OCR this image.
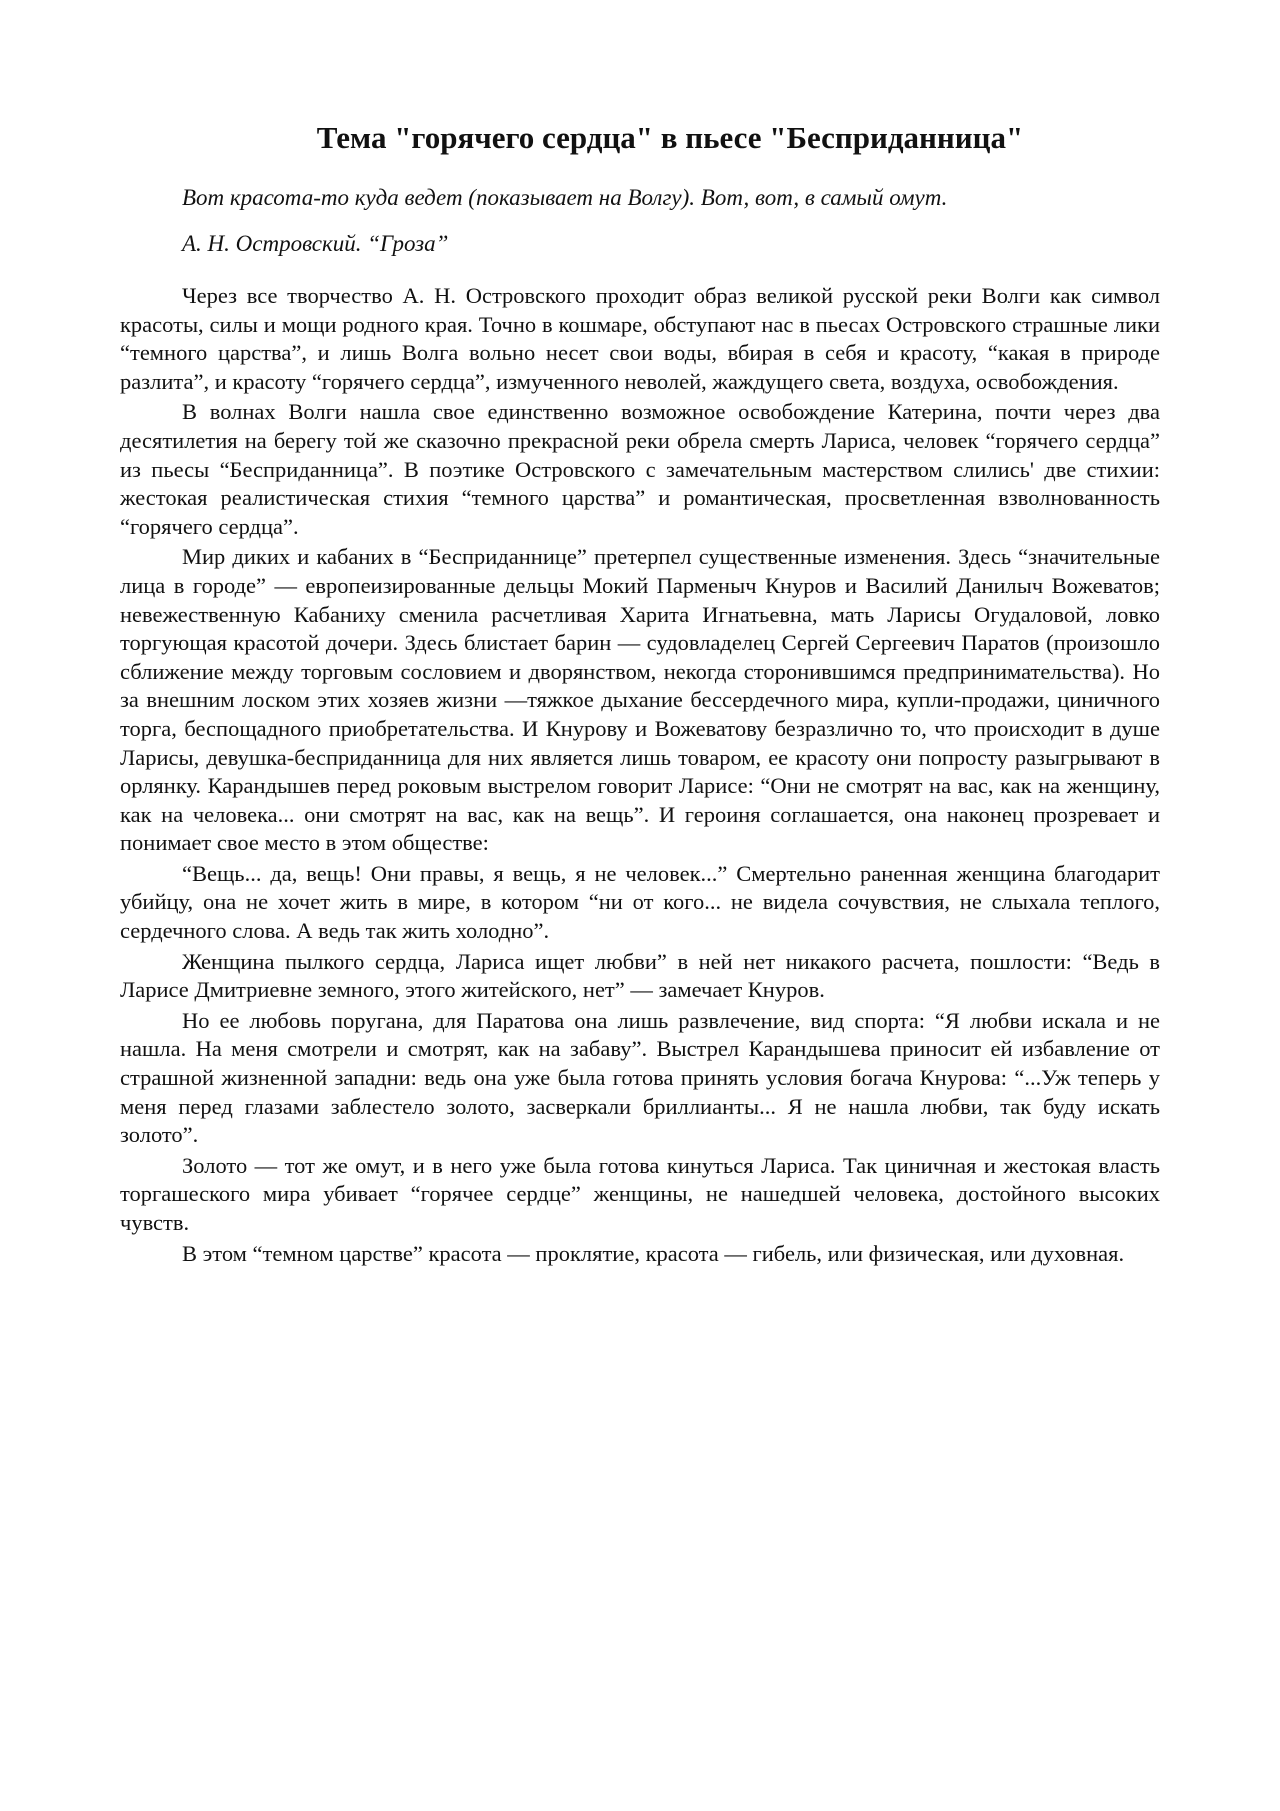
Тема "горячего сердца" в пьесе "Бесприданница"

Вот красота-то куда ведет (показывает на Волгу). Вот, вот, в самый омут.

А. Н. Островский. “Гроза”

Через все творчество А. Н. Островского проходит образ великой русской реки Волги как символ красоты, силы и мощи родного края. Точно в кошмаре, обступают нас в пьесах Островского страшные лики “темного царства”, и лишь Волга вольно несет свои воды, вбирая в себя и красоту, “какая в природе разлита”, и красоту “горячего сердца”, измученного неволей, жаждущего света, воздуха, освобождения.

В волнах Волги нашла свое единственно возможное освобождение Катерина, почти через два десятилетия на берегу той же сказочно прекрасной реки обрела смерть Лариса, человек “горячего сердца” из пьесы “Бесприданница”. В поэтике Островского с замечательным мастерством слились' две стихии: жестокая реалистическая стихия “темного царства” и романтическая, просветленная взволнованность “горячего сердца”.

Мир диких и кабаних в “Бесприданнице” претерпел существенные изменения. Здесь “значительные лица в городе” — европеизированные дельцы Мокий Парменыч Кнуров и Василий Данилыч Вожеватов; невежественную Кабаниху сменила расчетливая Харита Игнатьевна, мать Ларисы Огудаловой, ловко торгующая красотой дочери. Здесь блистает барин — судовладелец Сергей Сергеевич Паратов (произошло сближение между торговым сословием и дворянством, некогда сторонившимся предпринимательства). Но за внешним лоском этих хозяев жизни —тяжкое дыхание бессердечного мира, купли-продажи, циничного торга, беспощадного приобретательства. И Кнурову и Вожеватову безразлично то, что происходит в душе Ларисы, девушка-бесприданница для них является лишь товаром, ее красоту они попросту разыгрывают в орлянку. Карандышев перед роковым выстрелом говорит Ларисе: “Они не смотрят на вас, как на женщину, как на человека... они смотрят на вас, как на вещь”. И героиня соглашается, она наконец прозревает и понимает свое место в этом обществе:

“Вещь... да, вещь! Они правы, я вещь, я не человек...” Смертельно раненная женщина благодарит убийцу, она не хочет жить в мире, в котором “ни от кого... не видела сочувствия, не слыхала теплого, сердечного слова. А ведь так жить холодно”.

Женщина пылкого сердца, Лариса ищет любви” в ней нет никакого расчета, пошлости: “Ведь в Ларисе Дмитриевне земного, этого житейского, нет” — замечает Кнуров.

Но ее любовь поругана, для Паратова она лишь развлечение, вид спорта: “Я любви искала и не нашла. На меня смотрели и смотрят, как на забаву”. Выстрел Карандышева приносит ей избавление от страшной жизненной западни: ведь она уже была готова принять условия богача Кнурова: “...Уж теперь у меня перед глазами заблестело золото, засверкали бриллианты... Я не нашла любви, так буду искать золото”.

Золото — тот же омут, и в него уже была готова кинуться Лариса. Так циничная и жестокая власть торгашеского мира убивает “горячее сердце” женщины, не нашедшей человека, достойного высоких чувств.

В этом “темном царстве” красота — проклятие, красота — гибель, или физическая, или духовная.
